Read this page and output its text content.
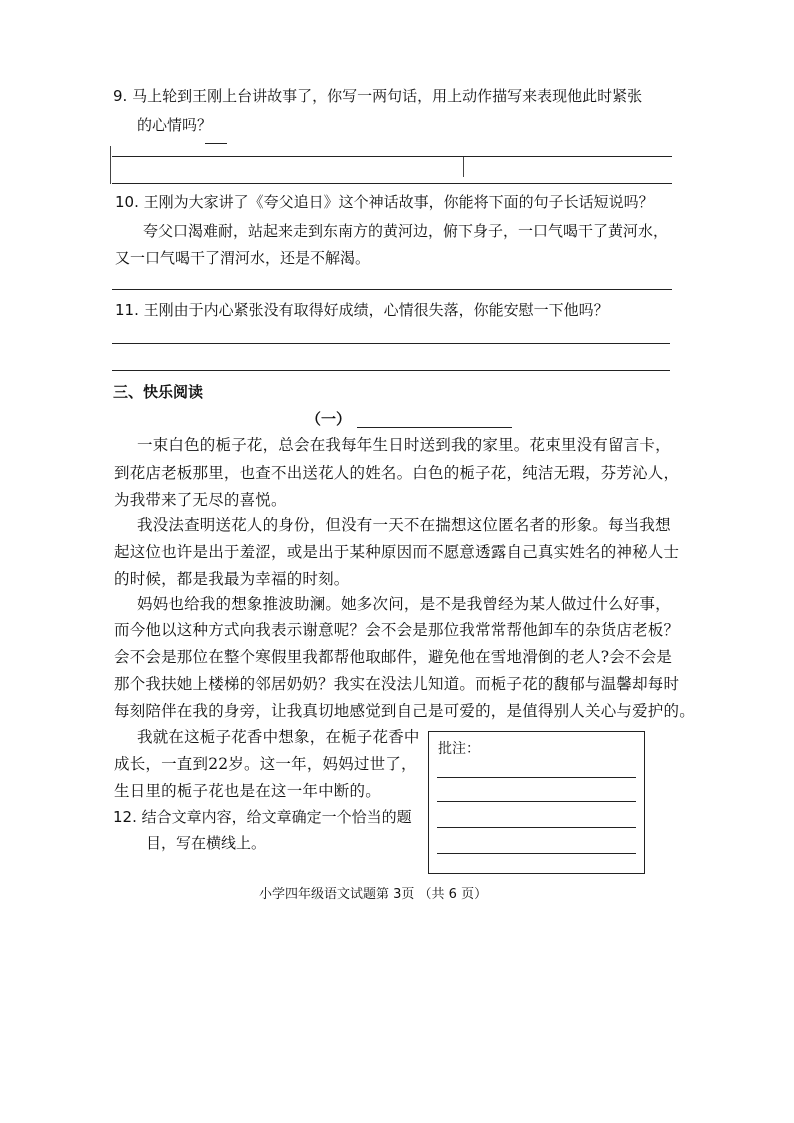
9. 马上轮到王刚上台讲故事了，你写一两句话，用上动作描写来表现他此时紧张
的心情吗？
10. 王刚为大家讲了《夸父追日》这个神话故事，你能将下面的句子长话短说吗？
夸父口渴难耐，站起来走到东南方的黄河边，俯下身子，一口气喝干了黄河水，
又一口气喝干了渭河水，还是不解渴。
11. 王刚由于内心紧张没有取得好成绩，心情很失落，你能安慰一下他吗？
三、快乐阅读
（一）
一束白色的栀子花，总会在我每年生日时送到我的家里。花束里没有留言卡，
到花店老板那里，也查不出送花人的姓名。白色的栀子花，纯洁无瑕，芬芳沁人，
为我带来了无尽的喜悦。
我没法查明送花人的身份，但没有一天不在揣想这位匿名者的形象。每当我想
起这位也许是出于羞涩，或是出于某种原因而不愿意透露自己真实姓名的神秘人士
的时候，都是我最为幸福的时刻。
妈妈也给我的想象推波助澜。她多次问，是不是我曾经为某人做过什么好事，
而今他以这种方式向我表示谢意呢？会不会是那位我常常帮他卸车的杂货店老板？
会不会是那位在整个寒假里我都帮他取邮件，避免他在雪地滑倒的老人?会不会是
那个我扶她上楼梯的邻居奶奶？我实在没法儿知道。而栀子花的馥郁与温馨却每时
每刻陪伴在我的身旁，让我真切地感觉到自己是可爱的，是值得别人关心与爱护的。
我就在这栀子花香中想象，在栀子花香中
成长，一直到22岁。这一年，妈妈过世了，
生日里的栀子花也是在这一年中断的。
12. 结合文章内容，给文章确定一个恰当的题
目，写在横线上。
批注：
小学四年级语文试题第 3页 （共 6 页）
